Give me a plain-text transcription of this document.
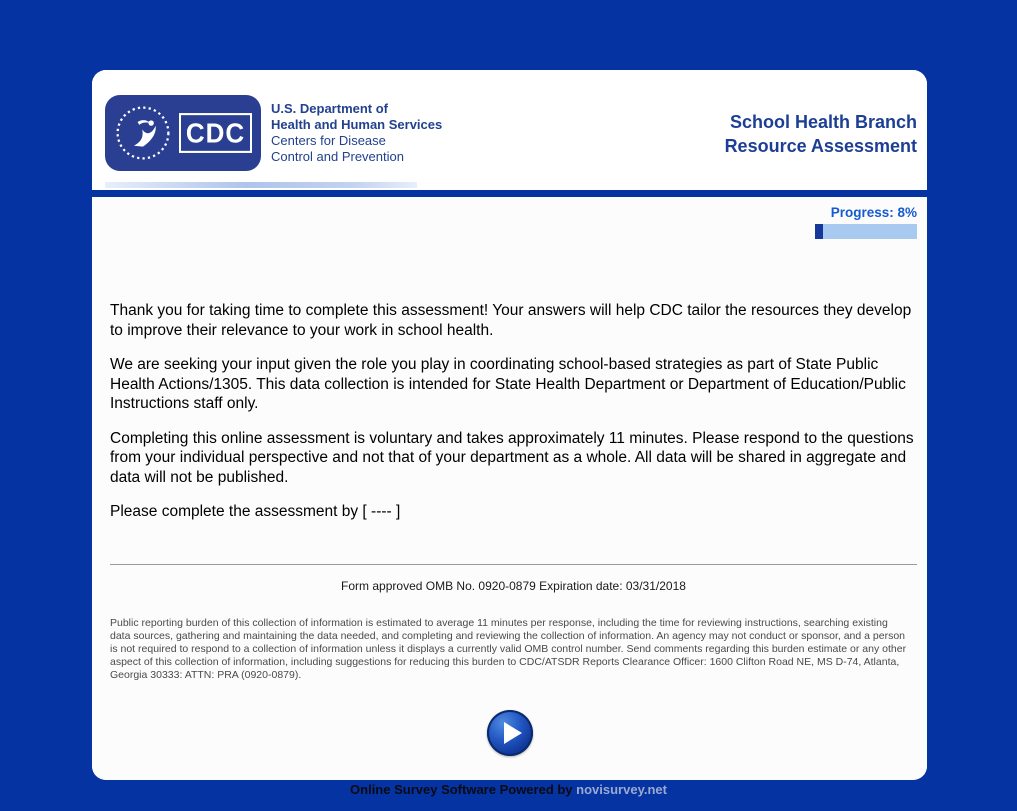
CDC
U.S. Department of
Health and Human Services
Centers for Disease
Control and Prevention
School Health Branch
Resource Assessment
Progress: 8%

Thank you for taking time to complete this assessment! Your answers will help CDC tailor the resources they develop to improve their relevance to your work in school health.

We are seeking your input given the role you play in coordinating school-based strategies as part of State Public Health Actions/1305. This data collection is intended for State Health Department or Department of Education/Public Instructions staff only.

Completing this online assessment is voluntary and takes approximately 11 minutes. Please respond to the questions from your individual perspective and not that of your department as a whole. All data will be shared in aggregate and data will not be published.

Please complete the assessment by [ ---- ]

Form approved OMB No. 0920-0879 Expiration date: 03/31/2018

Public reporting burden of this collection of information is estimated to average 11 minutes per response, including the time for reviewing instructions, searching existing data sources, gathering and maintaining the data needed, and completing and reviewing the collection of information. An agency may not conduct or sponsor, and a person is not required to respond to a collection of information unless it displays a currently valid OMB control number. Send comments regarding this burden estimate or any other aspect of this collection of information, including suggestions for reducing this burden to CDC/ATSDR Reports Clearance Officer: 1600 Clifton Road NE, MS D-74, Atlanta, Georgia 30333: ATTN: PRA (0920-0879).

Online Survey Software Powered by novisurvey.net
